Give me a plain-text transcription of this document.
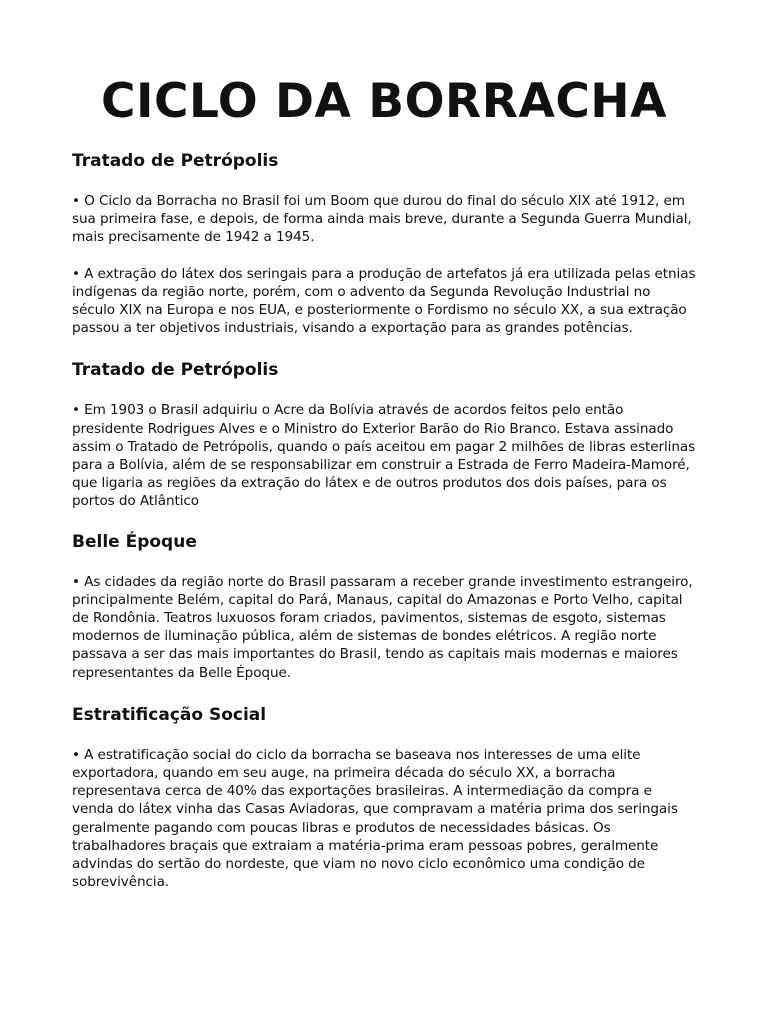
CICLO DA BORRACHA
Tratado de Petrópolis

• O Ciclo da Borracha no Brasil foi um Boom que durou do final do século XIX até 1912, em sua primeira fase, e depois, de forma ainda mais breve, durante a Segunda Guerra Mundial, mais precisamente de 1942 a 1945.

• A extração do látex dos seringais para a produção de artefatos já era utilizada pelas etnias indígenas da região norte, porém, com o advento da Segunda Revolução Industrial no século XIX na Europa e nos EUA, e posteriormente o Fordismo no século XX, a sua extração passou a ter objetivos industriais, visando a exportação para as grandes potências.

Tratado de Petrópolis

• Em 1903 o Brasil adquiriu o Acre da Bolívia através de acordos feitos pelo então presidente Rodrigues Alves e o Ministro do Exterior Barão do Rio Branco. Estava assinado assim o Tratado de Petrópolis, quando o país aceitou em pagar 2 milhões de libras esterlinas para a Bolívia, além de se responsabilizar em construir a Estrada de Ferro Madeira-Mamoré, que ligaria as regiões da extração do látex e de outros produtos dos dois países, para os portos do Atlântico

Belle Époque

• As cidades da região norte do Brasil passaram a receber grande investimento estrangeiro, principalmente Belém, capital do Pará, Manaus, capital do Amazonas e Porto Velho, capital de Rondônia. Teatros luxuosos foram criados, pavimentos, sistemas de esgoto, sistemas modernos de iluminação pública, além de sistemas de bondes elétricos. A região norte passava a ser das mais importantes do Brasil, tendo as capitais mais modernas e maiores representantes da Belle Époque.

Estratificação Social

• A estratificação social do ciclo da borracha se baseava nos interesses de uma elite exportadora, quando em seu auge, na primeira década do século XX, a borracha representava cerca de 40% das exportações brasileiras. A intermediação da compra e venda do látex vinha das Casas Aviadoras, que compravam a matéria prima dos seringais geralmente pagando com poucas libras e produtos de necessidades básicas. Os trabalhadores braçais que extraiam a matéria-prima eram pessoas pobres, geralmente advindas do sertão do nordeste, que viam no novo ciclo econômico uma condição de sobrevivência.
